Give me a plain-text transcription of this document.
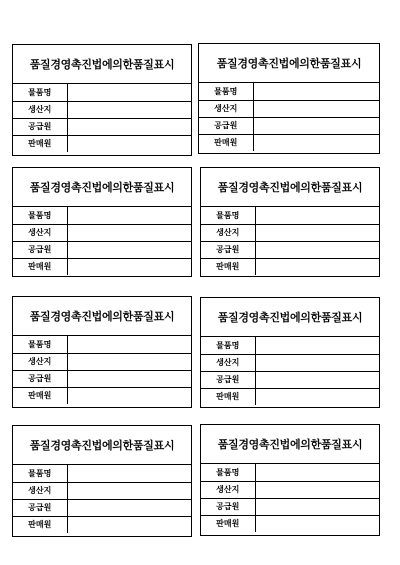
품질경영촉진법에의한품질표시
물품명	
생산지	
공급원	
판매원	
품질경영촉진법에의한품질표시
물품명	
생산지	
공급원	
판매원	
품질경영촉진법에의한품질표시
물품명	
생산지	
공급원	
판매원	
품질경영촉진법에의한품질표시
물품명	
생산지	
공급원	
판매원	
품질경영촉진법에의한품질표시
물품명	
생산지	
공급원	
판매원	
품질경영촉진법에의한품질표시
물품명	
생산지	
공급원	
판매원	
품질경영촉진법에의한품질표시
물품명	
생산지	
공급원	
판매원	
품질경영촉진법에의한품질표시
물품명	
생산지	
공급원	
판매원	
